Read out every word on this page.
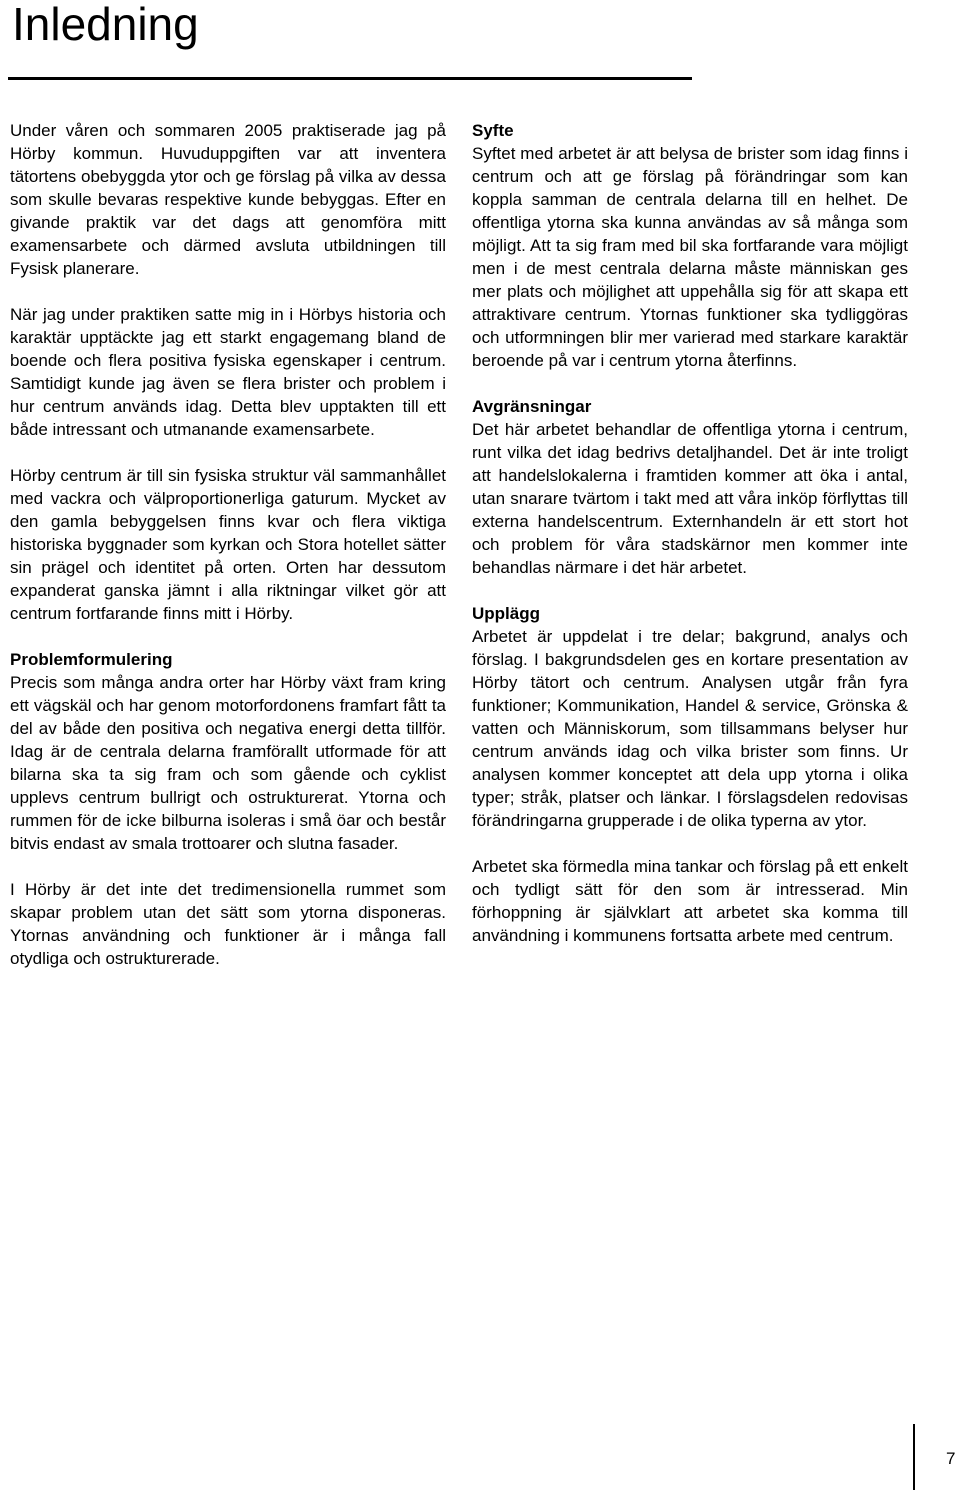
Inledning

Under våren och sommaren 2005 praktiserade jag på Hörby kommun. Huvuduppgiften var att inventera tätortens obebyggda ytor och ge förslag på vilka av dessa som skulle bevaras respektive kunde bebyggas. Efter en givande praktik var det dags att genomföra mitt examensarbete och därmed avsluta utbildningen till Fysisk planerare.

När jag under praktiken satte mig in i Hörbys historia och karaktär upptäckte jag ett starkt engagemang bland de boende och flera positiva fysiska egenskaper i centrum. Samtidigt kunde jag även se flera brister och problem i hur centrum används idag. Detta blev upptakten till ett både intressant och utmanande examensarbete.

Hörby centrum är till sin fysiska struktur väl sammanhållet med vackra och välproportionerliga gaturum. Mycket av den gamla bebyggelsen finns kvar och flera viktiga historiska byggnader som kyrkan och Stora hotellet sätter sin prägel och identitet på orten. Orten har dessutom expanderat ganska jämnt i alla riktningar vilket gör att centrum fortfarande finns mitt i Hörby.

Problemformulering

Precis som många andra orter har Hörby växt fram kring ett vägskäl och har genom motorfordonens framfart fått ta del av både den positiva och negativa energi detta tillför. Idag är de centrala delarna framförallt utformade för att bilarna ska ta sig fram och som gående och cyklist upplevs centrum bullrigt och ostrukturerat. Ytorna och rummen för de icke bilburna isoleras i små öar och består bitvis endast av smala trottoarer och slutna fasader.

I Hörby är det inte det tredimensionella rummet som skapar problem utan det sätt som ytorna disponeras. Ytornas användning och funktioner är i många fall otydliga och ostrukturerade.

Syfte

Syftet med arbetet är att belysa de brister som idag finns i centrum och att ge förslag på förändringar som kan koppla samman de centrala delarna till en helhet. De offentliga ytorna ska kunna användas av så många som möjligt. Att ta sig fram med bil ska fortfarande vara möjligt men i de mest centrala delarna måste människan ges mer plats och möjlighet att uppehålla sig för att skapa ett attraktivare centrum. Ytornas funktioner ska tydliggöras och utformningen blir mer varierad med starkare karaktär beroende på var i centrum ytorna återfinns.

Avgränsningar

Det här arbetet behandlar de offentliga ytorna i centrum, runt vilka det idag bedrivs detaljhandel. Det är inte troligt att handelslokalerna i framtiden kommer att öka i antal, utan snarare tvärtom i takt med att våra inköp förflyttas till externa handelscentrum. Externhandeln är ett stort hot och problem för våra stadskärnor men kommer inte behandlas närmare i det här arbetet.

Upplägg

Arbetet är uppdelat i tre delar; bakgrund, analys och förslag. I bakgrundsdelen ges en kortare presentation av Hörby tätort och centrum. Analysen utgår från fyra funktioner; Kommunikation, Handel & service, Grönska & vatten och Människorum, som tillsammans belyser hur centrum används idag och vilka brister som finns. Ur analysen kommer konceptet att dela upp ytorna i olika typer; stråk, platser och länkar. I förslagsdelen redovisas förändringarna grupperade i de olika typerna av ytor.

Arbetet ska förmedla mina tankar och förslag på ett enkelt och tydligt sätt för den som är intresserad. Min förhoppning är självklart att arbetet ska komma till användning i kommunens fortsatta arbete med centrum.

7
